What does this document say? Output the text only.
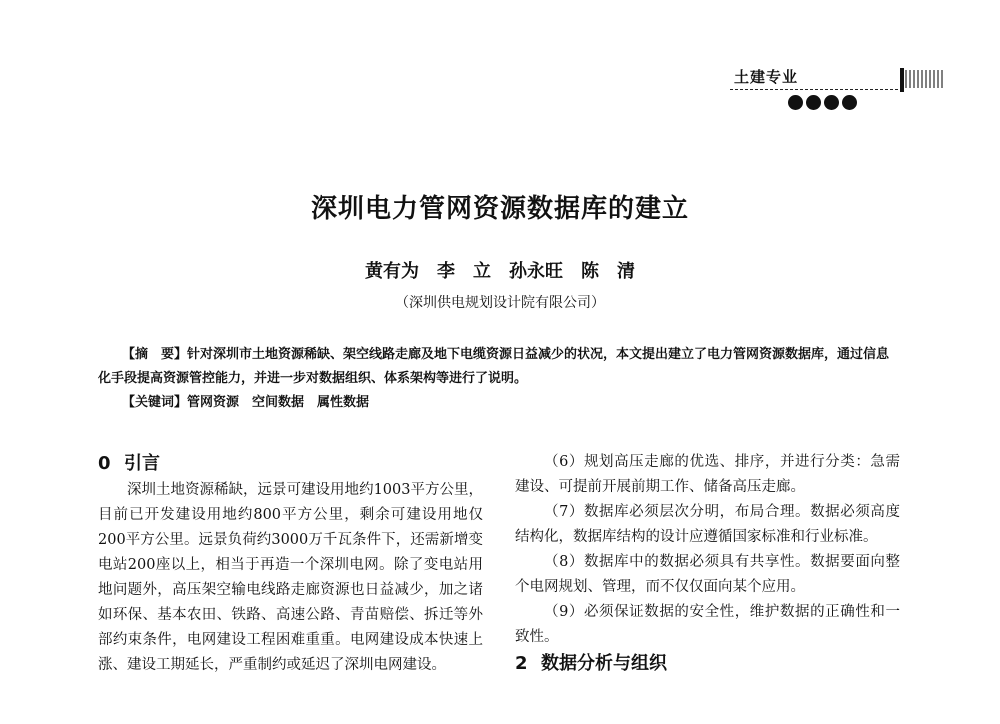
土建专业
深圳电力管网资源数据库的建立
黄有为　李　立　孙永旺　陈　清
（深圳供电规划设计院有限公司）

【摘　要】针对深圳市土地资源稀缺、架空线路走廊及地下电缆资源日益减少的状况，本文提出建立了电力管网资源数据库，通过信息化手段提高资源管控能力，并进一步对数据组织、体系架构等进行了说明。

【关键词】管网资源　空间数据　属性数据

0 引言

深圳土地资源稀缺，远景可建设用地约1003平方公里，目前已开发建设用地约800平方公里，剩余可建设用地仅200平方公里。远景负荷约3000万千瓦条件下，还需新增变电站200座以上，相当于再造一个深圳电网。除了变电站用地问题外，高压架空输电线路走廊资源也日益减少，加之诸如环保、基本农田、铁路、高速公路、青苗赔偿、拆迁等外部约束条件，电网建设工程困难重重。电网建设成本快速上涨、建设工期延长，严重制约或延迟了深圳电网建设。

（6）规划高压走廊的优选、排序，并进行分类：急需建设、可提前开展前期工作、储备高压走廊。

（7）数据库必须层次分明，布局合理。数据必须高度结构化，数据库结构的设计应遵循国家标准和行业标准。

（8）数据库中的数据必须具有共享性。数据要面向整个电网规划、管理，而不仅仅面向某个应用。

（9）必须保证数据的安全性，维护数据的正确性和一致性。

2 数据分析与组织
